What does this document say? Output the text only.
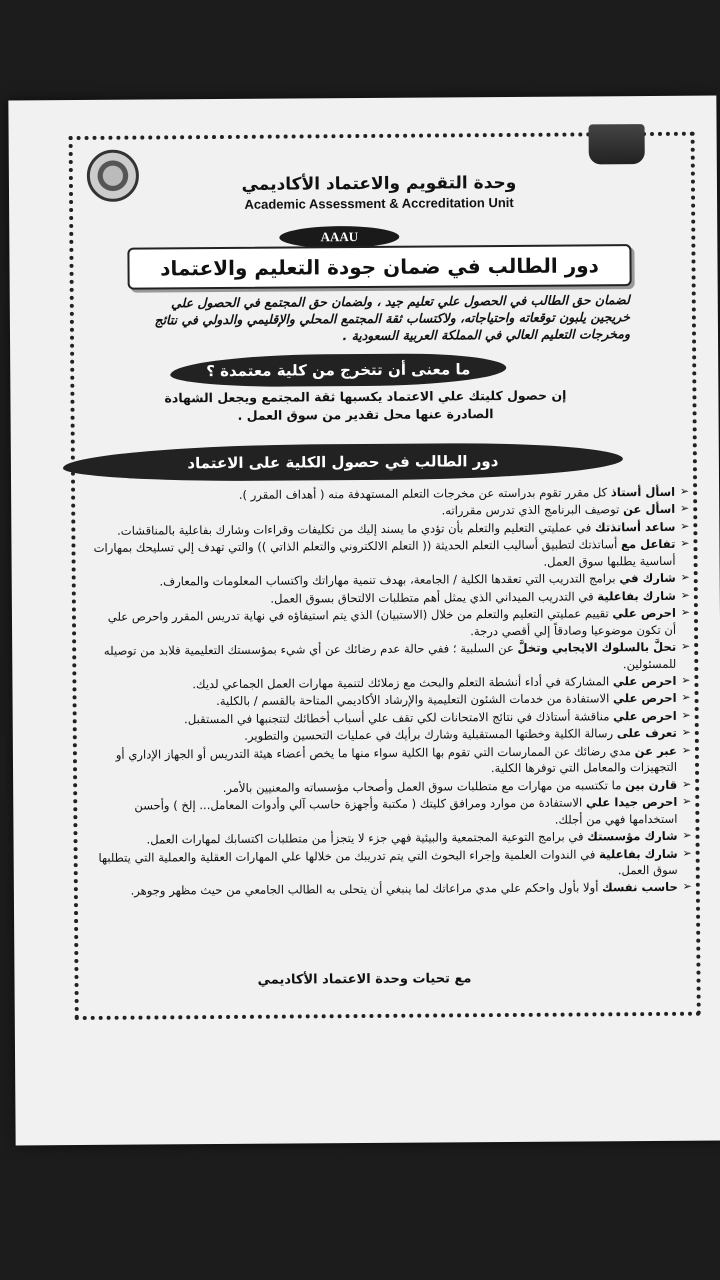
وحدة التقويم والاعتماد الأكاديمي
Academic Assessment & Accreditation Unit
AAAU
دور الطالب في ضمان جودة التعليم والاعتماد
لضمان حق الطالب في الحصول علي تعليم جيد ، ولضمان حق المجتمع في الحصول علي خريجين يلبون توقعاته واحتياجاته، ولاكتساب ثقة المجتمع المحلي والإقليمي والدولي في نتائج ومخرجات التعليم العالي في المملكة العربية السعودية .
ما معنى أن تتخرج من كلية معتمدة ؟
إن حصول كليتك علي الاعتماد يكسبها ثقة المجتمع ويجعل الشهادة الصادرة عنها محل تقدير من سوق العمل .
دور الطالب في حصول الكلية على الاعتماد
➢
اسأل أستاذ كل مقرر تقوم بدراسته عن مخرجات التعلم المستهدفة منه ( أهداف المقرر ).
➢
اسأل عن توصيف البرنامج الذي تدرس مقرراته.
➢
ساعد أساتذتك في عمليتي التعليم والتعلم بأن تؤدي ما يسند إليك من تكليفات وقراءات وشارك بفاعلية بالمناقشات.
➢
تفاعل مع أساتذتك لتطبيق أساليب التعلم الحديثة (( التعلم الالكتروني والتعلم الذاتي )) والتي تهدف إلي تسليحك بمهارات أساسية يطلبها سوق العمل.
➢
شارك في برامج التدريب التي تعقدها الكلية / الجامعة، بهدف تنمية مهاراتك واكتساب المعلومات والمعارف.
➢
شارك بفاعلية في التدريب الميداني الذي يمثل أهم متطلبات الالتحاق بسوق العمل.
➢
احرص علي تقييم عمليتي التعليم والتعلم من خلال (الاستبيان) الذي يتم استيفاؤه في نهاية تدريس المقرر واحرص علي أن تكون موضوعيا وصادقاً إلي أقصي درجة.
➢
تحلَّ بالسلوك الايجابي وتخلَّ عن السلبية ؛ ففي حالة عدم رضائك عن أي شيء بمؤسستك التعليمية فلابد من توصيله للمسئولين.
➢
احرص علي المشاركة في أداء أنشطة التعلم والبحث مع زملائك لتنمية مهارات العمل الجماعي لديك.
➢
احرص علي الاستفادة من خدمات الشئون التعليمية والإرشاد الأكاديمي المتاحة بالقسم / بالكلية.
➢
احرص علي مناقشة أستاذك في نتائج الامتحانات لكي تقف علي أسباب أخطائك لتتجنبها في المستقبل.
➢
تعرف على رسالة الكلية وخطتها المستقبلية وشارك برأيك في عمليات التحسين والتطوير.
➢
عبر عن مدي رضائك عن الممارسات التي تقوم بها الكلية سواء منها ما يخص أعضاء هيئة التدريس أو الجهاز الإداري أو التجهيزات والمعامل التي توفرها الكلية.
➢
قارن بين ما تكتسبه من مهارات مع متطلبات سوق العمل وأصحاب مؤسساته والمعنيين بالأمر.
➢
احرص جيدا علي الاستفادة من موارد ومرافق كليتك ( مكتبة وأجهزة حاسب آلي وأدوات المعامل... إلخ ) وأحسن استخدامها فهي من أجلك.
➢
شارك مؤسستك في برامج التوعية المجتمعية والبيئية فهي جزء لا يتجزأ من متطلبات اكتسابك لمهارات العمل.
➢
شارك بفاعلية في الندوات العلمية وإجراء البحوث التي يتم تدريبك من خلالها علي المهارات العقلية والعملية التي يتطلبها سوق العمل.
➢
حاسب نفسك أولا بأول واحكم علي مدي مراعاتك لما ينبغي أن يتحلى به الطالب الجامعي من حيث مظهر وجوهر.
مع تحيات وحدة الاعتماد الأكاديمي
